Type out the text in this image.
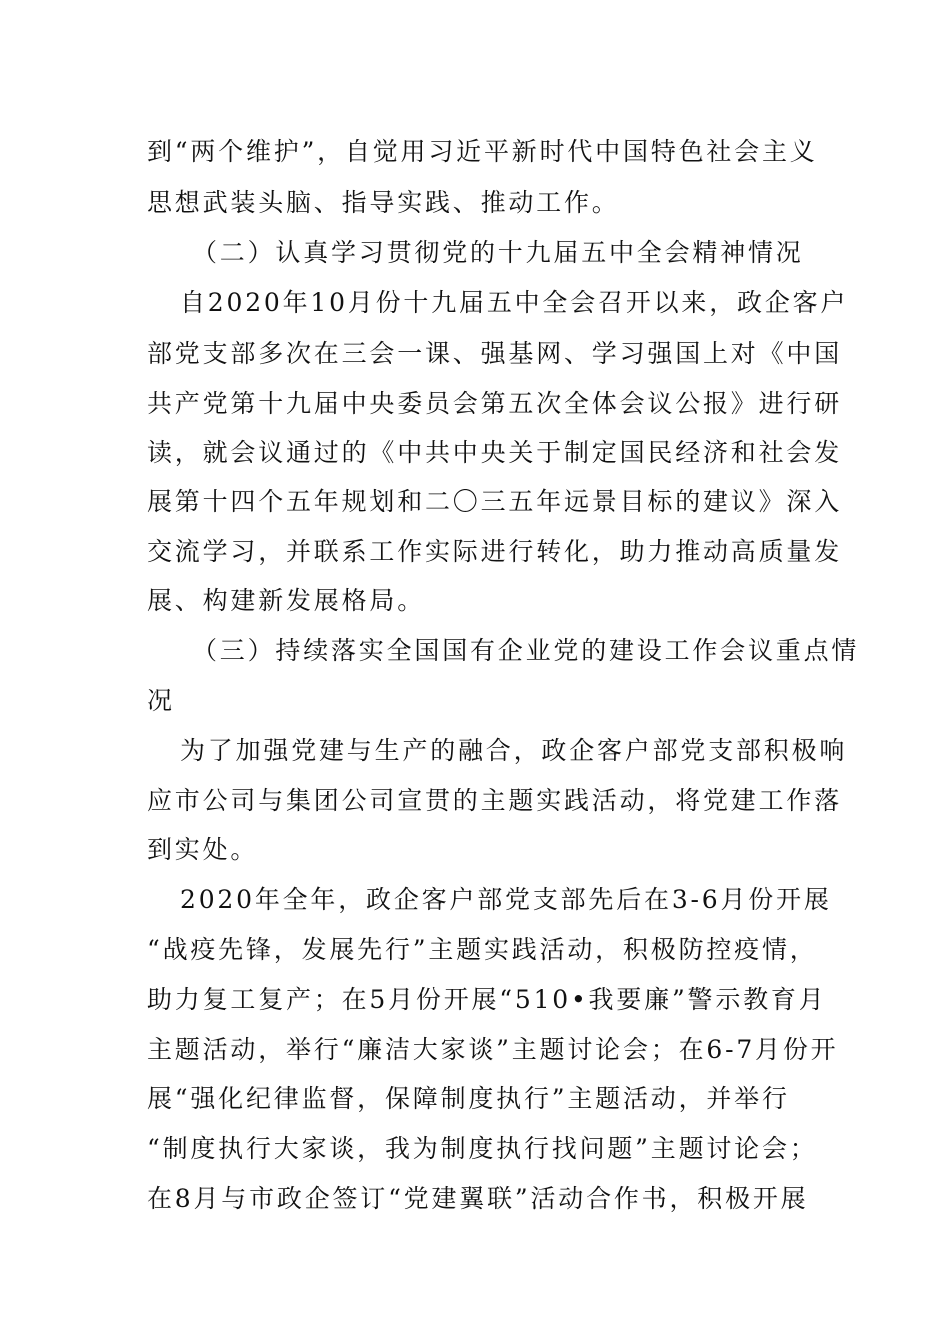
到“两个维护”，自觉用习近平新时代中国特色社会主义
思想武装头脑、指导实践、推动工作。
（二）认真学习贯彻党的十九届五中全会精神情况
自2020年10月份十九届五中全会召开以来，政企客户
部党支部多次在三会一课、强基网、学习强国上对《中国
共产党第十九届中央委员会第五次全体会议公报》进行研
读，就会议通过的《中共中央关于制定国民经济和社会发
展第十四个五年规划和二〇三五年远景目标的建议》深入
交流学习，并联系工作实际进行转化，助力推动高质量发
展、构建新发展格局。
（三）持续落实全国国有企业党的建设工作会议重点情
况
为了加强党建与生产的融合，政企客户部党支部积极响
应市公司与集团公司宣贯的主题实践活动，将党建工作落
到实处。
2020年全年，政企客户部党支部先后在3-6月份开展
“战疫先锋，发展先行”主题实践活动，积极防控疫情，
助力复工复产；在5月份开展“510•我要廉”警示教育月
主题活动，举行“廉洁大家谈”主题讨论会；在6-7月份开
展“强化纪律监督，保障制度执行”主题活动，并举行
“制度执行大家谈，我为制度执行找问题”主题讨论会；
在8月与市政企签订“党建翼联”活动合作书，积极开展
